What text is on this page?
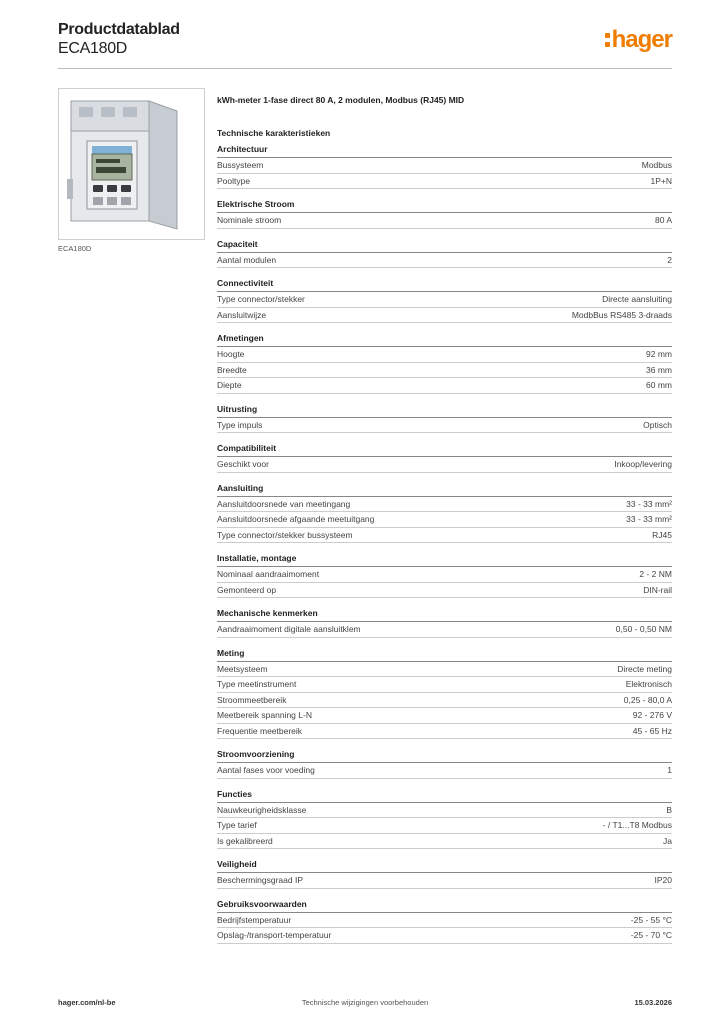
Productdatablad
ECA180D	hager
ECA180D
kWh-meter 1-fase direct 80 A, 2 modulen, Modbus (RJ45) MID
Technische karakteristieken
Architectuur
Bussysteem	Modbus
Pooltype	1P+N
Elektrische Stroom
Nominale stroom	80 A
Capaciteit
Aantal modulen	2
Connectiviteit
Type connector/stekker	Directe aansluiting
Aansluitwijze	ModbBus RS485 3-draads
Afmetingen
Hoogte	92 mm
Breedte	36 mm
Diepte	60 mm
Uitrusting
Type impuls	Optisch
Compatibiliteit
Geschikt voor	Inkoop/levering
Aansluiting
Aansluitdoorsnede van meetingang	33 - 33 mm²
Aansluitdoorsnede afgaande meetuitgang	33 - 33 mm²
Type connector/stekker bussysteem	RJ45
Installatie, montage
Nominaal aandraaimoment	2 - 2 NM
Gemonteerd op	DIN-rail
Mechanische kenmerken
Aandraaimoment digitale aansluitklem	0,50 - 0,50 NM
Meting
Meetsysteem	Directe meting
Type meetinstrument	Elektronisch
Stroommeetbereik	0,25 - 80,0 A
Meetbereik spanning L-N	92 - 276 V
Frequentie meetbereik	45 - 65 Hz
Stroomvoorziening
Aantal fases voor voeding	1
Functies
Nauwkeurigheidsklasse	B
Type tarief	- / T1...T8 Modbus
Is gekalibreerd	Ja
Veiligheid
Beschermingsgraad IP	IP20
Gebruiksvoorwaarden
Bedrijfstemperatuur	-25 - 55 °C
Opslag-/transport-temperatuur	-25 - 70 °C
hager.com/nl-be	Technische wijzigingen voorbehouden	15.03.2026
